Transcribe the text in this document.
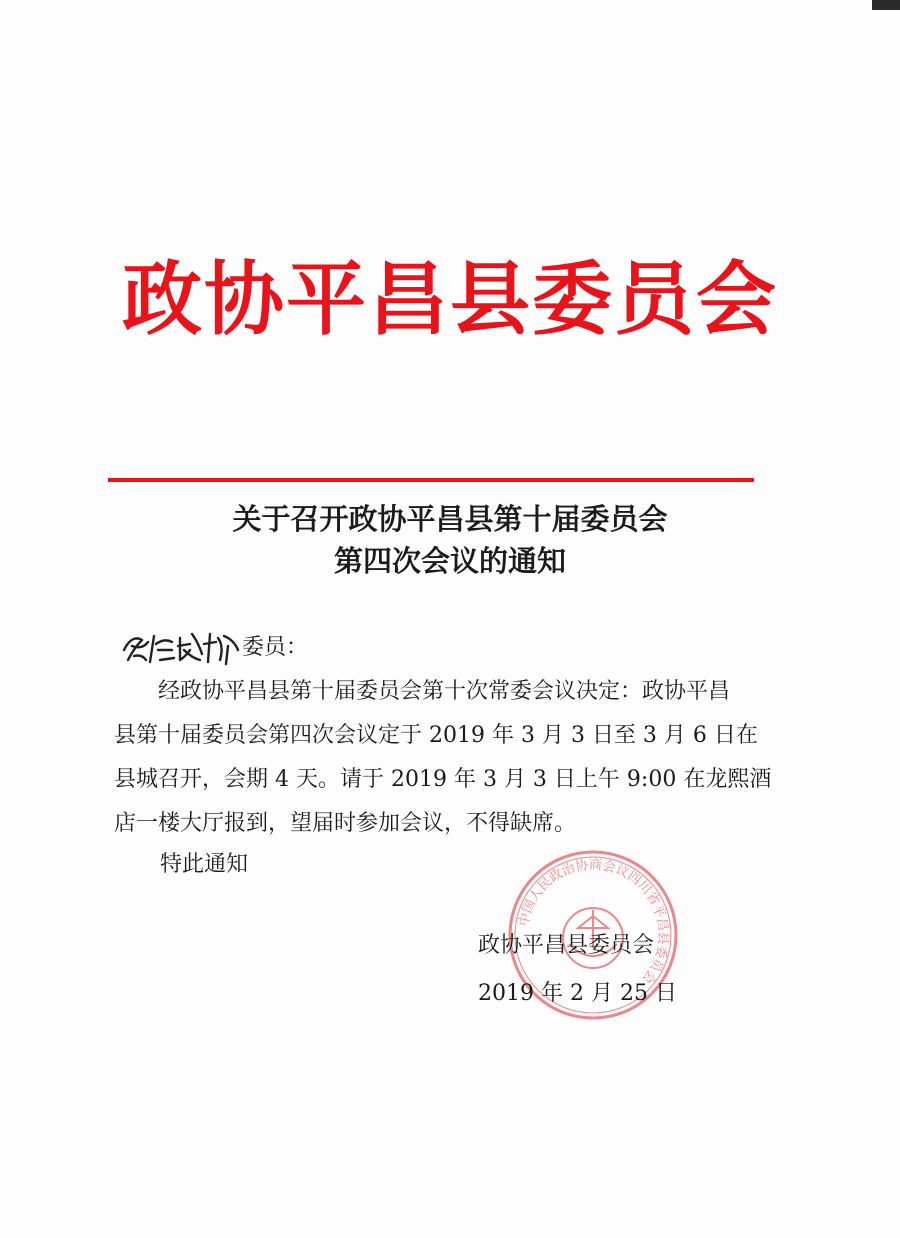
政协平昌县委员会
关于召开政协平昌县第十届委员会
第四次会议的通知
委员：
经政协平昌县第十届委员会第十次常委会议决定：政协平昌
县第十届委员会第四次会议定于 2019 年 3 月 3 日至 3 月 6 日在
县城召开，会期 4 天。请于 2019 年 3 月 3 日上午 9:00 在龙熙酒
店一楼大厅报到，望届时参加会议，不得缺席。
特此通知
中国人民政治协商会议四川省平昌县委员会
政协平昌县委员会
2019 年 2 月 25 日
